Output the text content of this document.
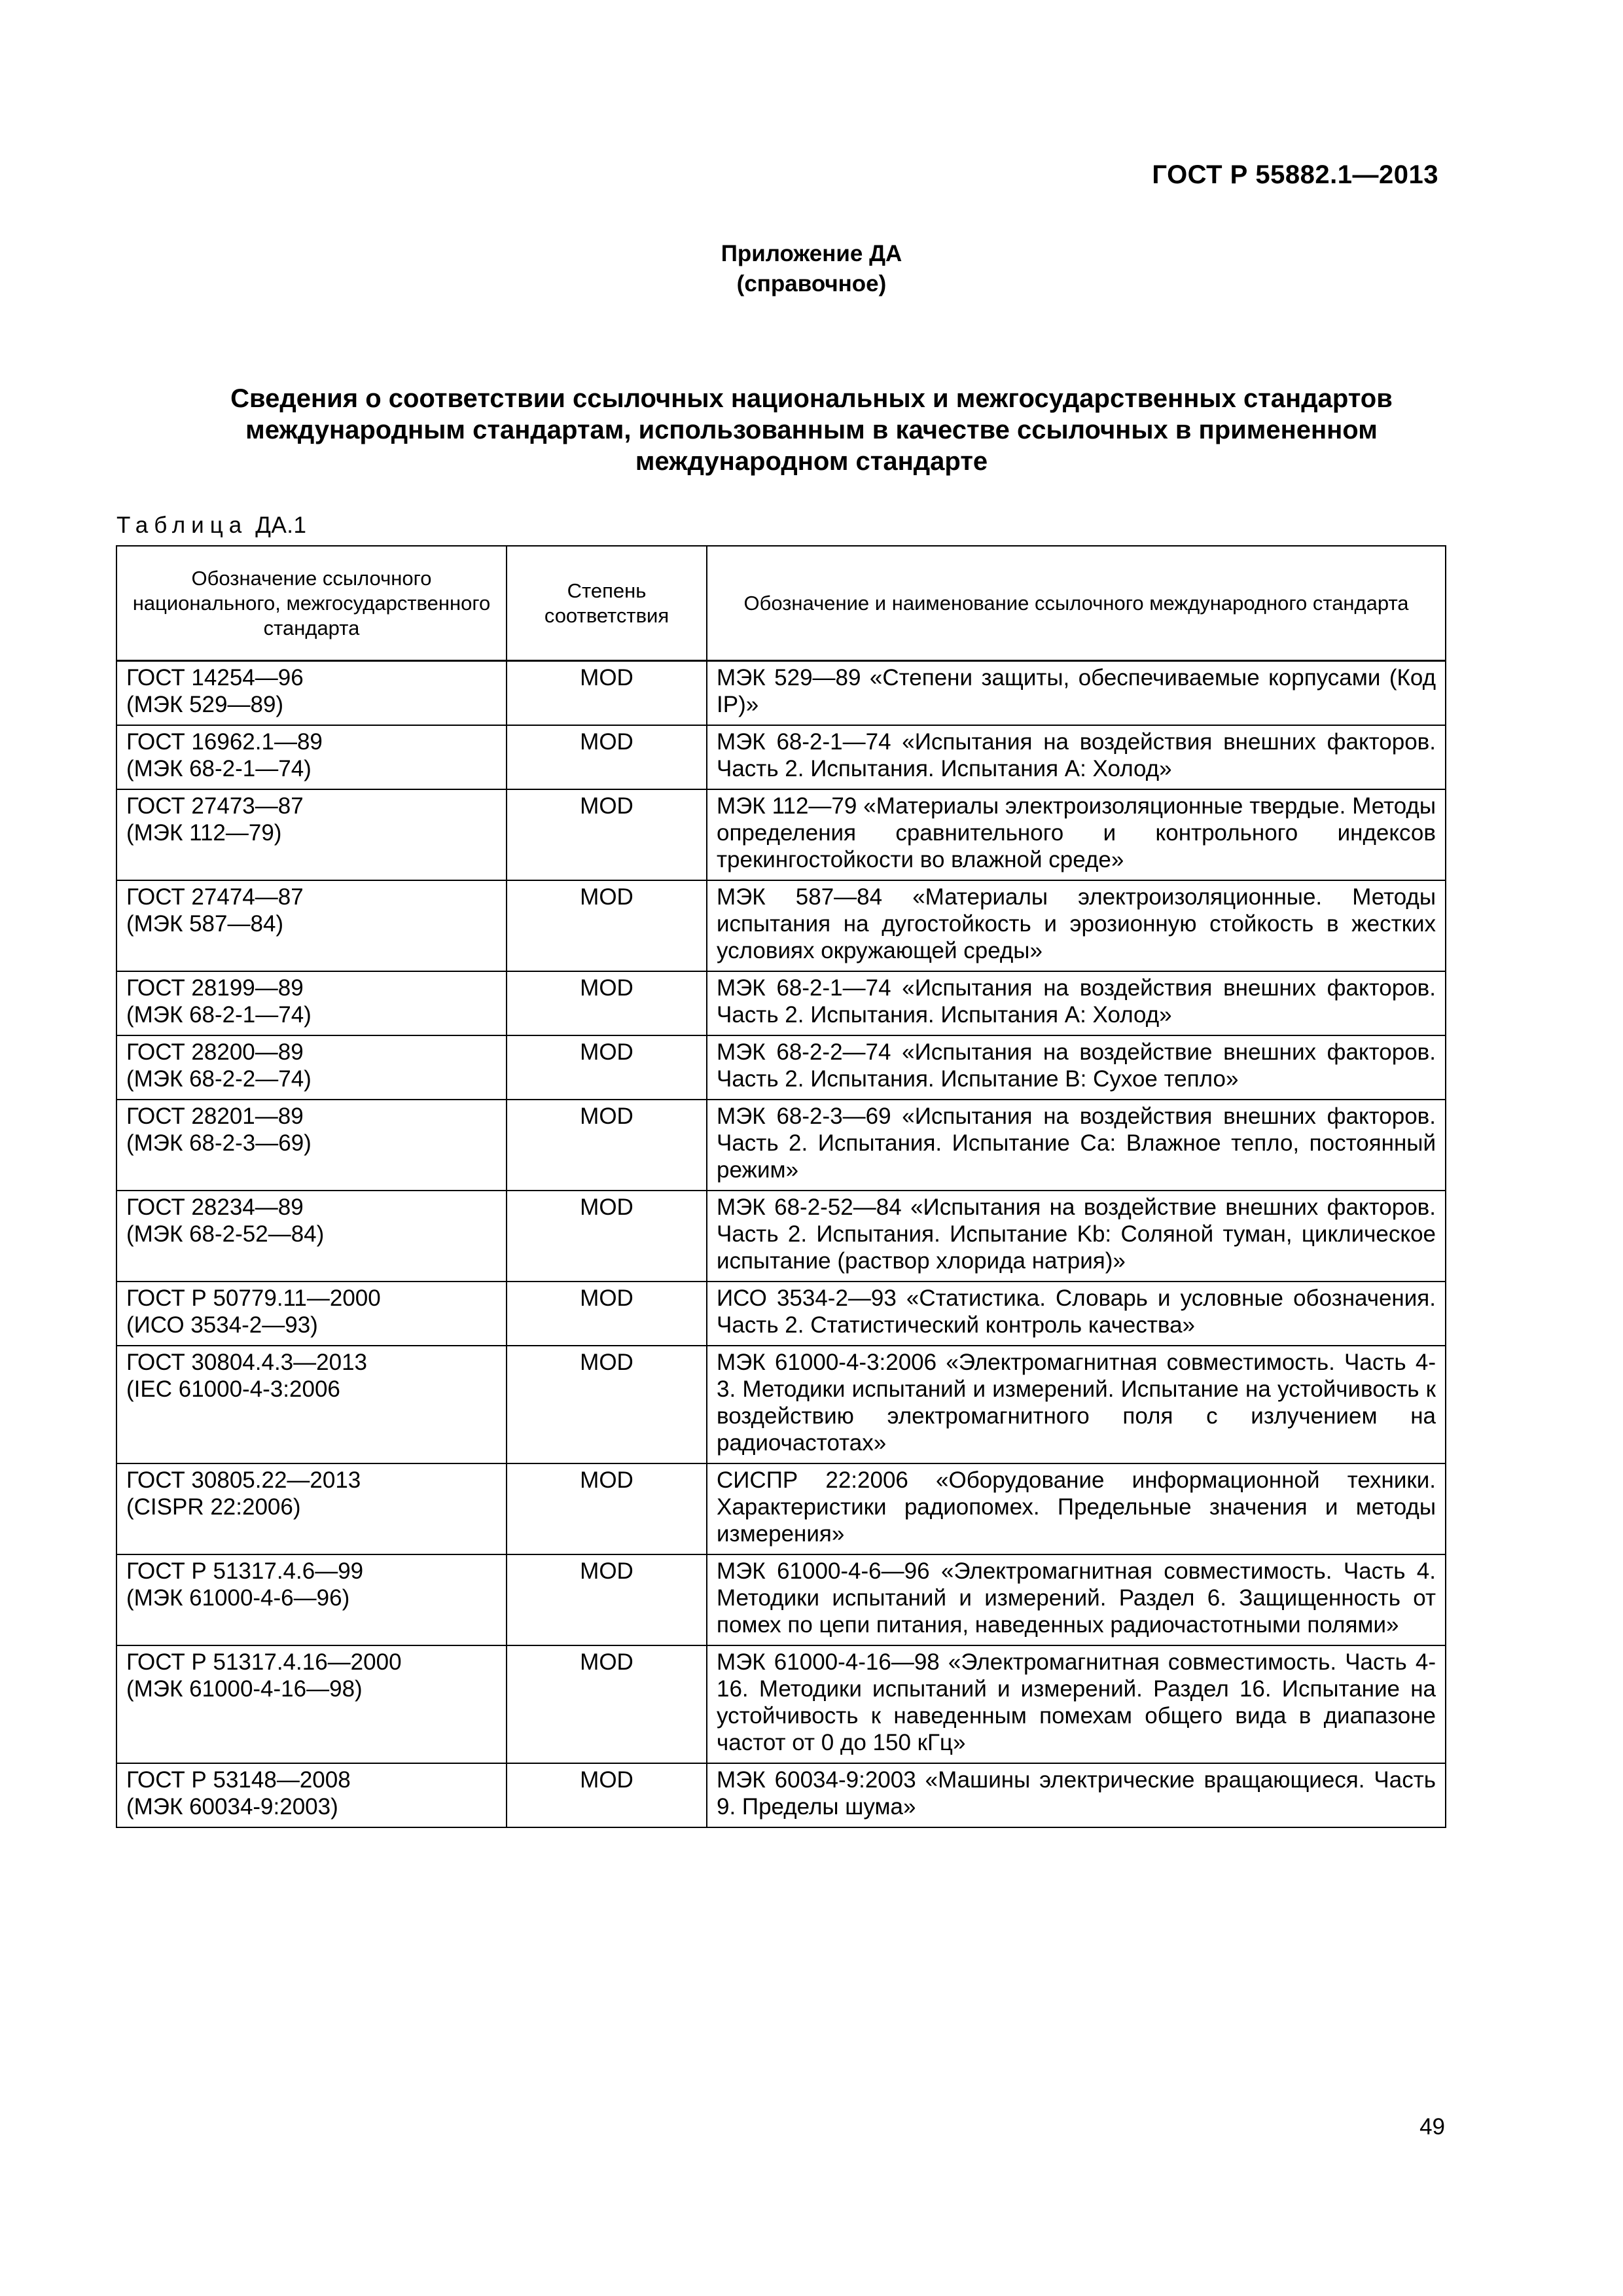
ГОСТ Р 55882.1—2013
Приложение ДА
(справочное)
Сведения о соответствии ссылочных национальных и межгосударственных стандартов
международным стандартам, использованным в качестве ссылочных в примененном
международном стандарте
Таблица ДА.1
Обозначение ссылочного национального, межгосударственного стандарта	Степень соответствия	Обозначение и наименование ссылочного международного стандарта

ГОСТ 14254—96
(МЭК 529—89)	MOD	МЭК 529—89 «Степени защиты, обеспечиваемые корпусами (Код IP)»

ГОСТ 16962.1—89
(МЭК 68-2-1—74)	MOD	МЭК 68-2-1—74 «Испытания на воздействия внешних факторов. Часть 2. Испытания. Испытания А: Холод»

ГОСТ 27473—87
(МЭК 112—79)	MOD	МЭК 112—79 «Материалы электроизоляционные твердые. Методы определения сравнительного и контрольного индексов трекингостойкости во влажной среде»

ГОСТ 27474—87
(МЭК 587—84)	MOD	МЭК 587—84 «Материалы электроизоляционные. Методы испытания на дугостойкость и эрозионную стойкость в жестких условиях окружающей среды»

ГОСТ 28199—89
(МЭК 68-2-1—74)	MOD	МЭК 68-2-1—74 «Испытания на воздействия внешних факторов. Часть 2. Испытания. Испытания А: Холод»

ГОСТ 28200—89
(МЭК 68-2-2—74)	MOD	МЭК 68-2-2—74 «Испытания на воздействие внешних факторов. Часть 2. Испытания. Испытание В: Сухое тепло»

ГОСТ 28201—89
(МЭК 68-2-3—69)	MOD	МЭК 68-2-3—69 «Испытания на воздействия внешних факторов. Часть 2. Испытания. Испытание Са: Влажное тепло, постоянный режим»

ГОСТ 28234—89
(МЭК 68-2-52—84)	MOD	МЭК 68-2-52—84 «Испытания на воздействие внешних факторов. Часть 2. Испытания. Испытание Kb: Соляной туман, циклическое испытание (раствор хлорида натрия)»

ГОСТ Р 50779.11—2000
(ИСО 3534-2—93)	MOD	ИСО 3534-2—93 «Статистика. Словарь и условные обозначения. Часть 2. Статистический контроль качества»

ГОСТ 30804.4.3—2013
(IEC 61000-4-3:2006	MOD	МЭК 61000-4-3:2006 «Электромагнитная совместимость. Часть 4-3. Методики испытаний и измерений. Испытание на устойчивость к воздействию электромагнитного поля с излучением на радиочастотах»

ГОСТ 30805.22—2013
(CISPR 22:2006)	MOD	СИСПР 22:2006 «Оборудование информационной техники. Характеристики радиопомех. Предельные значения и методы измерения»

ГОСТ Р 51317.4.6—99
(МЭК 61000-4-6—96)	MOD	МЭК 61000-4-6—96 «Электромагнитная совместимость. Часть 4. Методики испытаний и измерений. Раздел 6. Защищенность от помех по цепи питания, наведенных радиочастотными полями»

ГОСТ Р 51317.4.16—2000
(МЭК 61000-4-16—98)	MOD	МЭК 61000-4-16—98 «Электромагнитная совместимость. Часть 4-16. Методики испытаний и измерений. Раздел 16. Испытание на устойчивость к наведенным помехам общего вида в диапазоне частот от 0 до 150 кГц»

ГОСТ Р 53148—2008
(МЭК 60034-9:2003)	MOD	МЭК 60034-9:2003 «Машины электрические вращающиеся. Часть 9. Пределы шума»
49
